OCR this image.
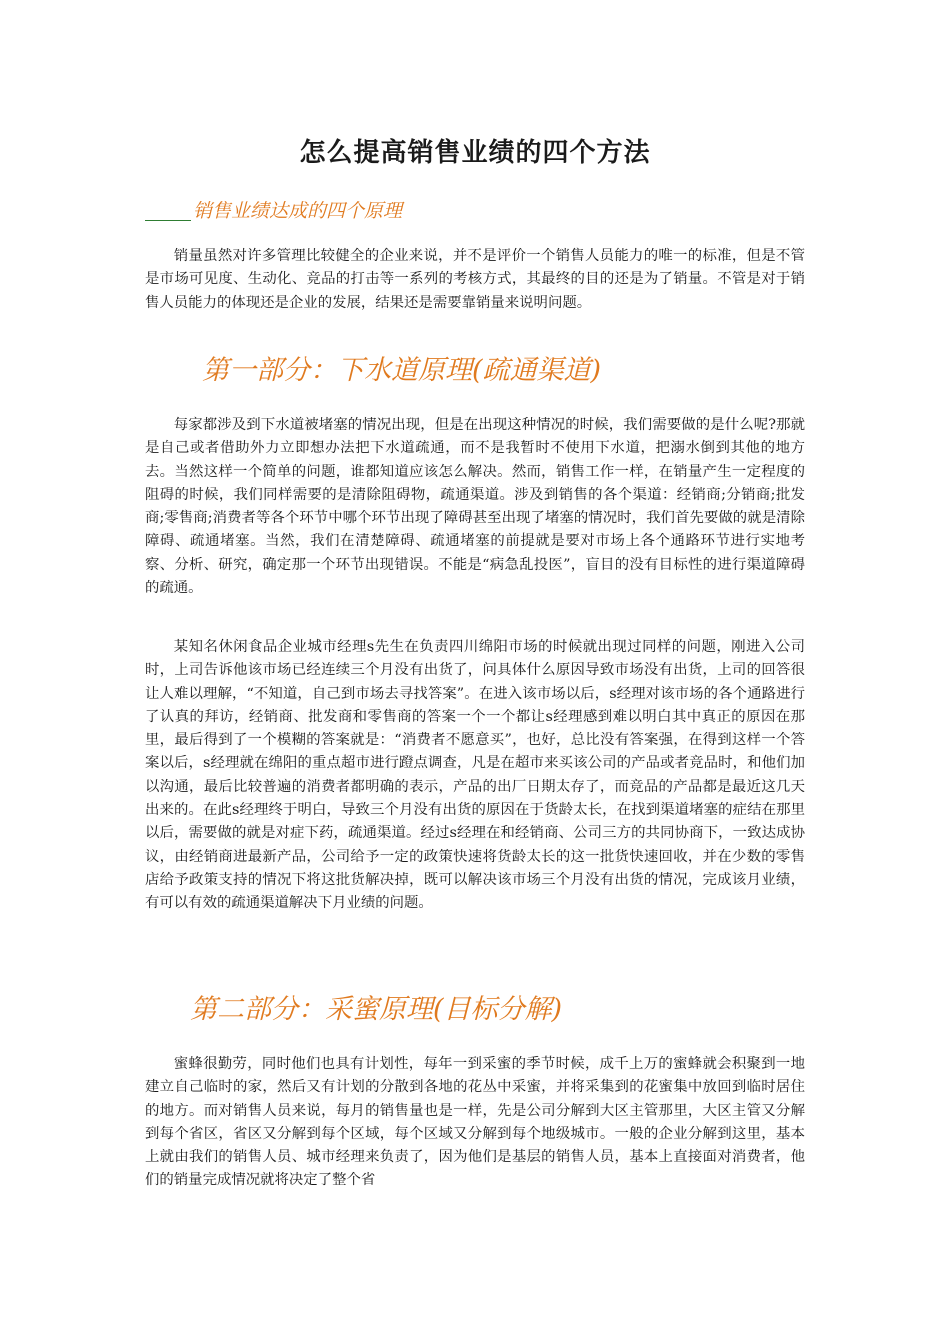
怎么提高销售业绩的四个方法
销售业绩达成的四个原理
销量虽然对许多管理比较健全的企业来说，并不是评价一个销售人员能力的唯一的标准，但是不管是市场可见度、生动化、竞品的打击等一系列的考核方式，其最终的目的还是为了销量。不管是对于销售人员能力的体现还是企业的发展，结果还是需要靠销量来说明问题。
第一部分：下水道原理(疏通渠道)
每家都涉及到下水道被堵塞的情况出现，但是在出现这种情况的时候，我们需要做的是什么呢?那就是自己或者借助外力立即想办法把下水道疏通，而不是我暂时不使用下水道，把溺水倒到其他的地方去。当然这样一个简单的问题，谁都知道应该怎么解决。然而，销售工作一样，在销量产生一定程度的阻碍的时候，我们同样需要的是清除阻碍物，疏通渠道。涉及到销售的各个渠道：经销商;分销商;批发商;零售商;消费者等各个环节中哪个环节出现了障碍甚至出现了堵塞的情况时，我们首先要做的就是清除障碍、疏通堵塞。当然，我们在清楚障碍、疏通堵塞的前提就是要对市场上各个通路环节进行实地考察、分析、研究，确定那一个环节出现错误。不能是“病急乱投医”，盲目的没有目标性的进行渠道障碍的疏通。
某知名休闲食品企业城市经理s先生在负责四川绵阳市场的时候就出现过同样的问题，刚进入公司时，上司告诉他该市场已经连续三个月没有出货了，问具体什么原因导致市场没有出货，上司的回答很让人难以理解，“不知道，自己到市场去寻找答案”。在进入该市场以后，s经理对该市场的各个通路进行了认真的拜访，经销商、批发商和零售商的答案一个一个都让s经理感到难以明白其中真正的原因在那里，最后得到了一个模糊的答案就是：“消费者不愿意买”，也好，总比没有答案强，在得到这样一个答案以后，s经理就在绵阳的重点超市进行蹬点调查，凡是在超市来买该公司的产品或者竞品时，和他们加以沟通，最后比较普遍的消费者都明确的表示，产品的出厂日期太存了，而竞品的产品都是最近这几天出来的。在此s经理终于明白，导致三个月没有出货的原因在于货龄太长，在找到渠道堵塞的症结在那里以后，需要做的就是对症下药，疏通渠道。经过s经理在和经销商、公司三方的共同协商下，一致达成协议，由经销商进最新产品，公司给予一定的政策快速将货龄太长的这一批货快速回收，并在少数的零售店给予政策支持的情况下将这批货解决掉，既可以解决该市场三个月没有出货的情况，完成该月业绩，有可以有效的疏通渠道解决下月业绩的问题。
第二部分：采蜜原理(目标分解)
蜜蜂很勤劳，同时他们也具有计划性，每年一到采蜜的季节时候，成千上万的蜜蜂就会积聚到一地建立自己临时的家，然后又有计划的分散到各地的花丛中采蜜，并将采集到的花蜜集中放回到临时居住的地方。而对销售人员来说，每月的销售量也是一样，先是公司分解到大区主管那里，大区主管又分解到每个省区，省区又分解到每个区域，每个区域又分解到每个地级城市。一般的企业分解到这里，基本上就由我们的销售人员、城市经理来负责了，因为他们是基层的销售人员，基本上直接面对消费者，他们的销量完成情况就将决定了整个省
